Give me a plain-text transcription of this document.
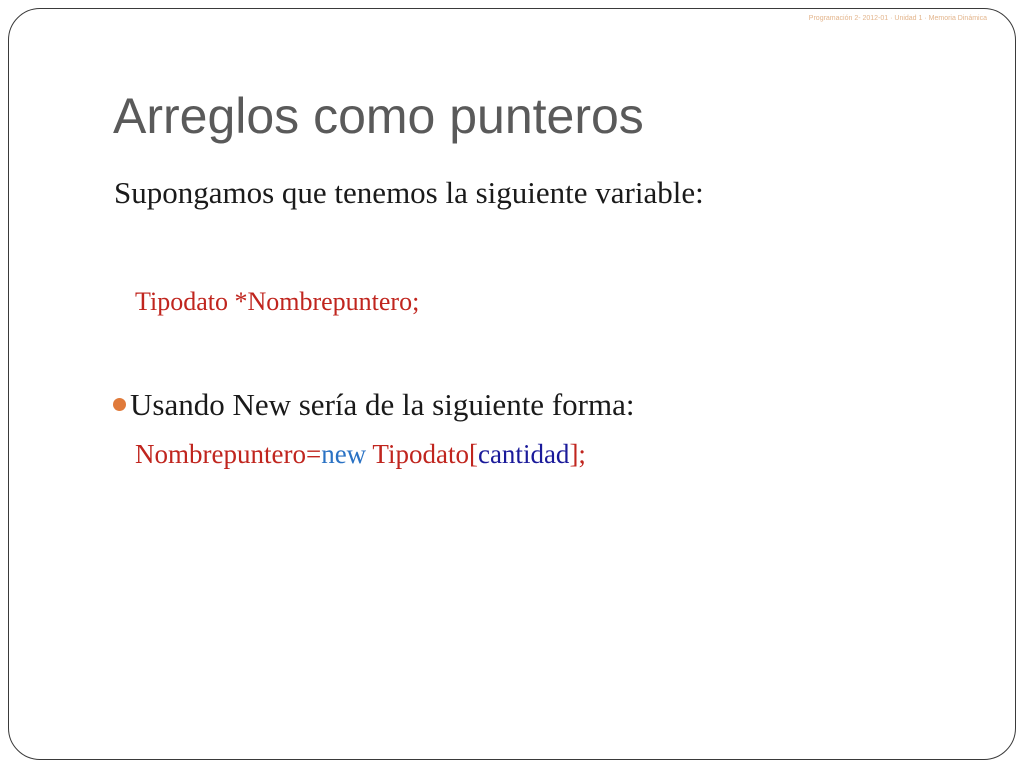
Programación 2- 2012-01 · Unidad 1 · Memoria Dinámica
Arreglos como punteros

Supongamos que tenemos la siguiente variable:

Tipodato *Nombrepuntero;

Usando New sería de la siguiente forma:

Nombrepuntero=new Tipodato[cantidad];
